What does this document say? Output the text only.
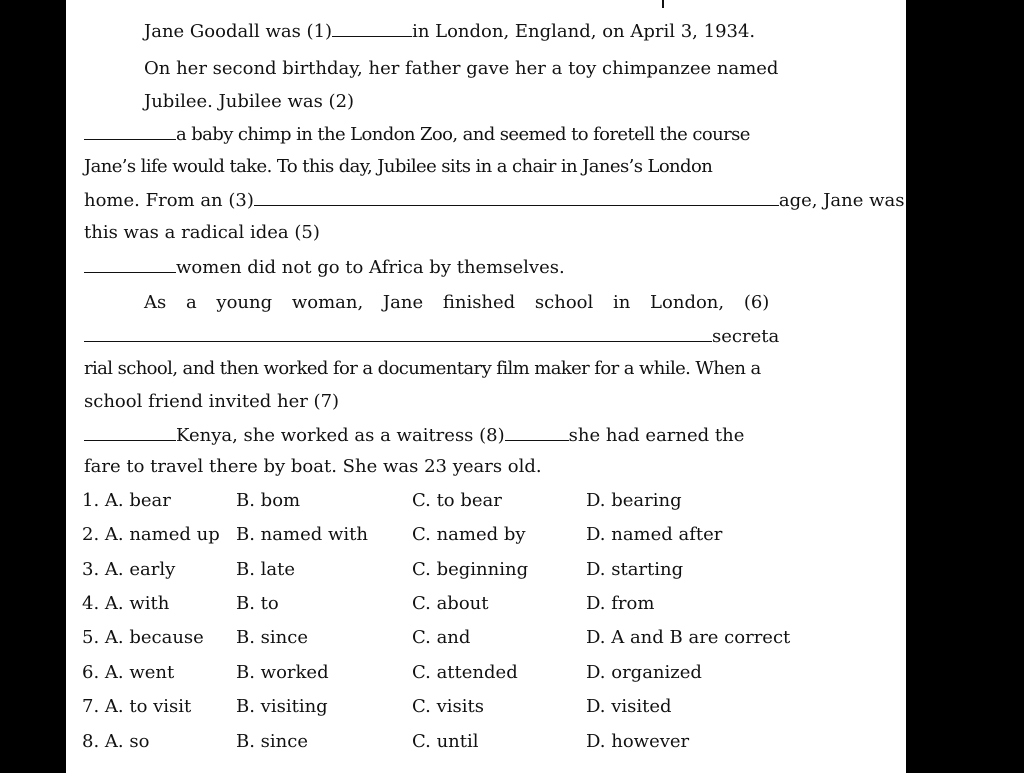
Jane Goodall was (1)	in London, England, on April 3, 1934.
On her second birthday, her father gave her a toy chimpanzee named
Jubilee. Jubilee was (2)
a baby chimp in the London Zoo, and seemed to foretell the course
Jane’s life would take. To this day, Jubilee sits in a chair in Janes’s London
home. From an (3)	age, Jane was
this was a radical idea (5)
women did not go to Africa by themselves.
As a young woman, Jane finished school in London, (6)
secreta
rial school, and then worked for a documentary film maker for a while. When a
school friend invited her (7)
Kenya, she worked as a waitress (8)	she had earned the
fare to travel there by boat. She was 23 years old.
1. A. bear	B. bom	C. to bear	D. bearing
2. A. named up B. named with C. named by	D. named after
3. A. early	B. late	C. beginning	D. starting
4. A. with	B. to	C. about	D. from
5. A. because B. since	C. and	D. A and B are correct
6. A. went	B. worked	C. attended	D. organized
7. A. to visit B. visiting	C. visits	D. visited
8. A. so	B. since	C. until	D. however
